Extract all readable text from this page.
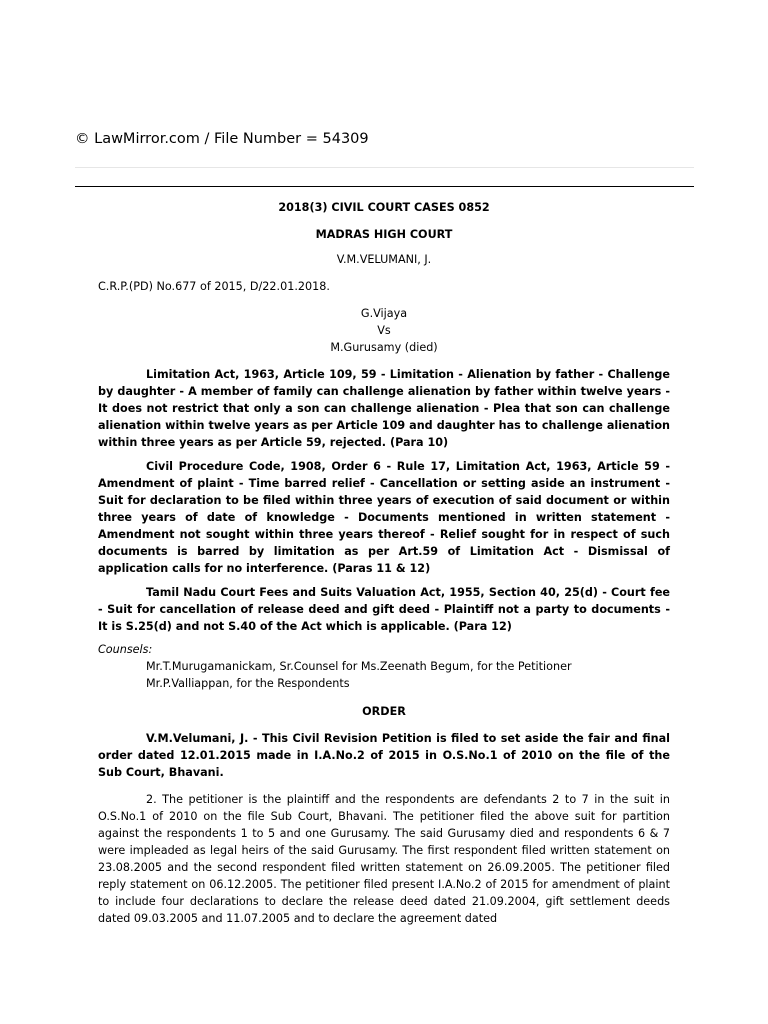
© LawMirror.com / File Number = 54309
2018(3) CIVIL COURT CASES 0852
MADRAS HIGH COURT
V.M.VELUMANI, J.
C.R.P.(PD) No.677 of 2015, D/22.01.2018.
G.Vijaya
Vs
M.Gurusamy (died)
Limitation Act, 1963, Article 109, 59 - Limitation - Alienation by father - Challenge by daughter - A member of family can challenge alienation by father within twelve years - It does not restrict that only a son can challenge alienation - Plea that son can challenge alienation within twelve years as per Article 109 and daughter has to challenge alienation within three years as per Article 59, rejected. (Para 10)
Civil Procedure Code, 1908, Order 6 - Rule 17, Limitation Act, 1963, Article 59 - Amendment of plaint - Time barred relief - Cancellation or setting aside an instrument - Suit for declaration to be filed within three years of execution of said document or within three years of date of knowledge - Documents mentioned in written statement - Amendment not sought within three years thereof - Relief sought for in respect of such documents is barred by limitation as per Art.59 of Limitation Act - Dismissal of application calls for no interference. (Paras 11 & 12)
Tamil Nadu Court Fees and Suits Valuation Act, 1955, Section 40, 25(d) - Court fee - Suit for cancellation of release deed and gift deed - Plaintiff not a party to documents - It is S.25(d) and not S.40 of the Act which is applicable. (Para 12)
Counsels:
Mr.T.Murugamanickam, Sr.Counsel for Ms.Zeenath Begum, for the Petitioner
Mr.P.Valliappan, for the Respondents
ORDER
V.M.Velumani, J. - This Civil Revision Petition is filed to set aside the fair and final order dated 12.01.2015 made in I.A.No.2 of 2015 in O.S.No.1 of 2010 on the file of the Sub Court, Bhavani.
2. The petitioner is the plaintiff and the respondents are defendants 2 to 7 in the suit in O.S.No.1 of 2010 on the file Sub Court, Bhavani. The petitioner filed the above suit for partition against the respondents 1 to 5 and one Gurusamy. The said Gurusamy died and respondents 6 & 7 were impleaded as legal heirs of the said Gurusamy. The first respondent filed written statement on 23.08.2005 and the second respondent filed written statement on 26.09.2005. The petitioner filed reply statement on 06.12.2005. The petitioner filed present I.A.No.2 of 2015 for amendment of plaint to include four declarations to declare the release deed dated 21.09.2004, gift settlement deeds dated 09.03.2005 and 11.07.2005 and to declare the agreement dated
